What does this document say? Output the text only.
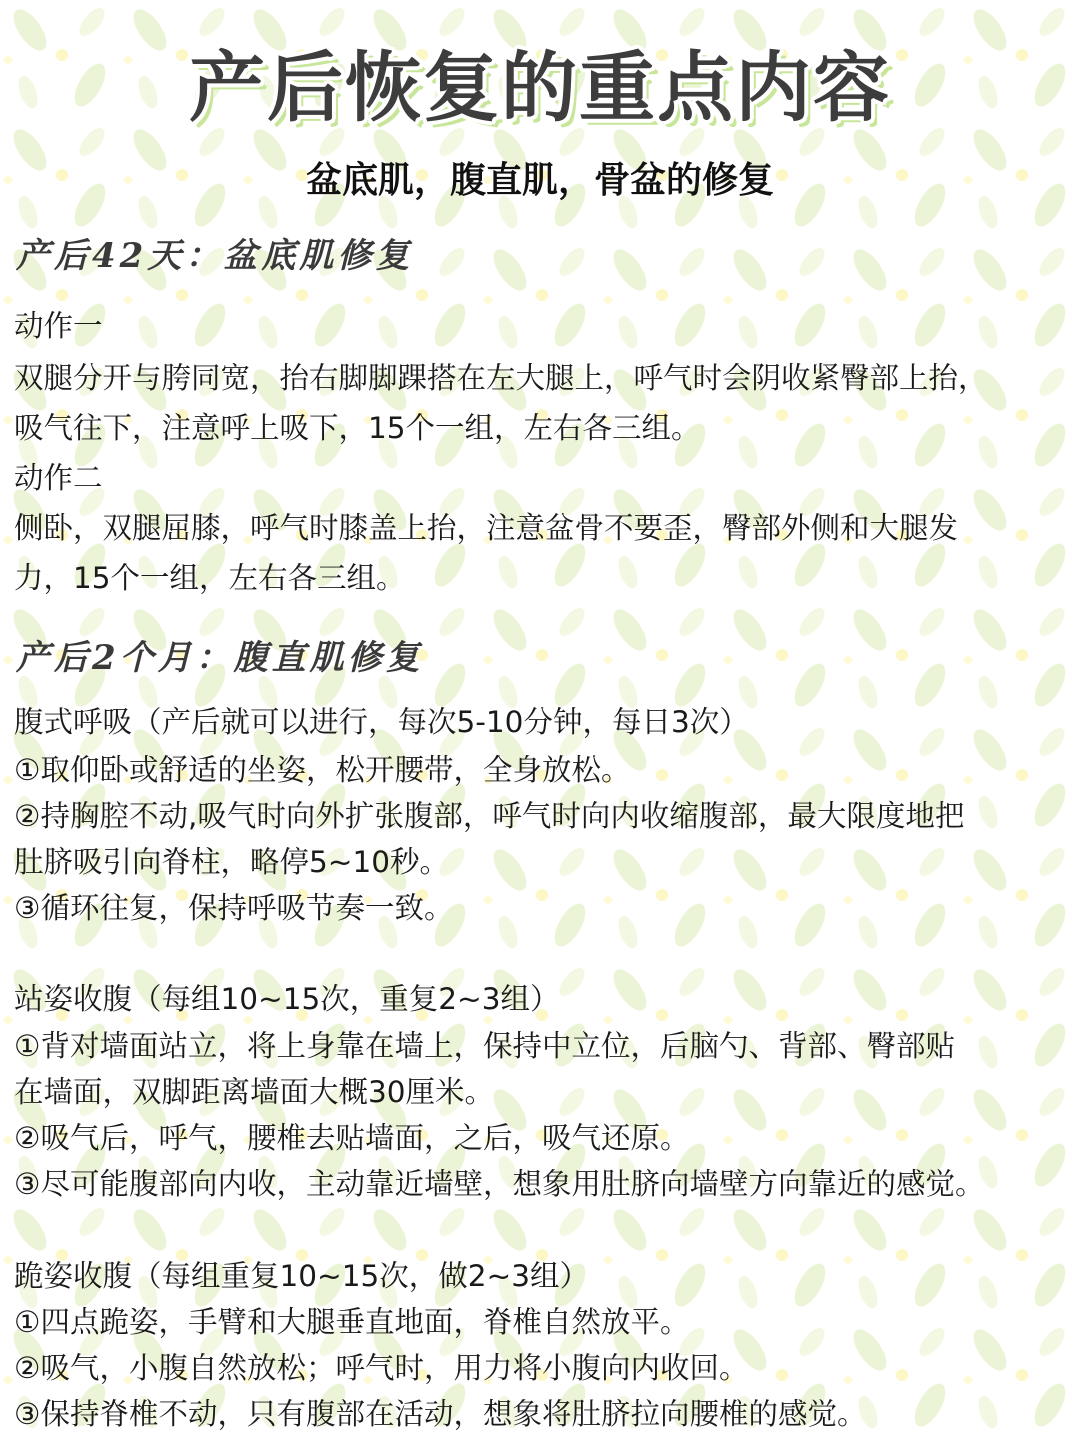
产后恢复的重点内容
盆底肌，腹直肌，骨盆的修复
产后42天：盆底肌修复
动作一
双腿分开与胯同宽，抬右脚脚踝搭在左大腿上，呼气时会阴收紧臀部上抬，
吸气往下，注意呼上吸下，15个一组，左右各三组。
动作二
侧卧，双腿屈膝，呼气时膝盖上抬，注意盆骨不要歪，臀部外侧和大腿发
力，15个一组，左右各三组。
产后2个月：腹直肌修复
腹式呼吸（产后就可以进行，每次5-10分钟，每日3次）
①取仰卧或舒适的坐姿，松开腰带，全身放松。
②持胸腔不动,吸气时向外扩张腹部，呼气时向内收缩腹部，最大限度地把
肚脐吸引向脊柱，略停5~10秒。
③循环往复，保持呼吸节奏一致。
站姿收腹（每组10~15次，重复2~3组）
①背对墙面站立，将上身靠在墙上，保持中立位，后脑勺、背部、臀部贴
在墙面，双脚距离墙面大概30厘米。
②吸气后，呼气，腰椎去贴墙面，之后，吸气还原。
③尽可能腹部向内收，主动靠近墙壁，想象用肚脐向墙壁方向靠近的感觉。
跪姿收腹（每组重复10~15次，做2~3组）
①四点跪姿，手臂和大腿垂直地面，脊椎自然放平。
②吸气，小腹自然放松；呼气时，用力将小腹向内收回。
③保持脊椎不动，只有腹部在活动，想象将肚脐拉向腰椎的感觉。
